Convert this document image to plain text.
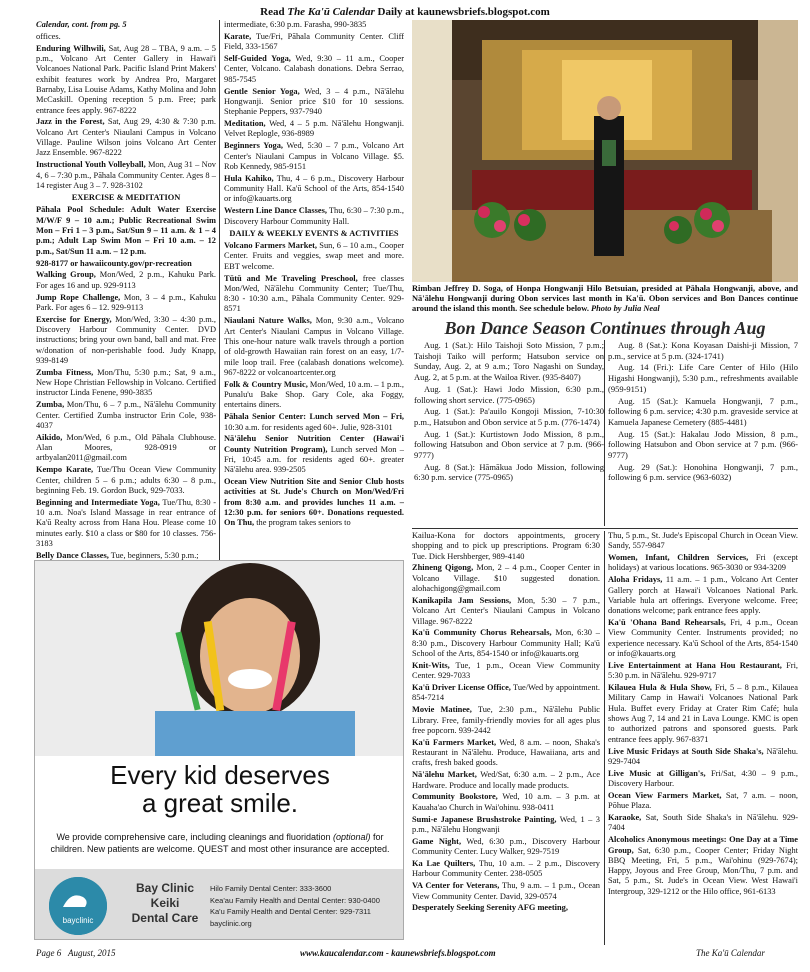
Read The Ka'ū Calendar Daily at kaunewsbriefs.blogspot.com

Calendar, cont. from pg. 5

offices.

Enduring Wilhwili, Sat, Aug 28 – TBA, 9 a.m. – 5 p.m., Volcano Art Center Gallery in Hawai'i Volcanoes National Park. Pacific Island Print Makers' exhibit features work by Andrea Pro, Margaret Barnaby, Lisa Louise Adams, Kathy Molina and John McCaskill. Opening reception 5 p.m. Free; park entrance fees apply. 967-8222

Jazz in the Forest, Sat, Aug 29, 4:30 & 7:30 p.m. Volcano Art Center's Niaulani Campus in Volcano Village. Pauline Wilson joins Volcano Art Center Jazz Ensemble. 967-8222

Instructional Youth Volleyball, Mon, Aug 31 – Nov 4, 6 – 7:30 p.m., Pāhala Community Center. Ages 8 – 14 register Aug 3 – 7. 928-3102

EXERCISE & MEDITATION

Pāhala Pool Schedule: Adult Water Exercise M/W/F 9 – 10 a.m.; Public Recreational Swim Mon – Fri 1 – 3 p.m., Sat/Sun 9 – 11 a.m. & 1 – 4 p.m.; Adult Lap Swim Mon – Fri 10 a.m. – 12 p.m., Sat/Sun 11 a.m. – 12 p.m.

928-8177 or hawaiicounty.gov/pr-recreation

Walking Group, Mon/Wed, 2 p.m., Kahuku Park. For ages 16 and up. 929-9113

Jump Rope Challenge, Mon, 3 – 4 p.m., Kahuku Park. For ages 6 – 12. 929-9113

Exercise for Energy, Mon/Wed, 3:30 – 4:30 p.m., Discovery Harbour Community Center. DVD instructions; bring your own band, ball and mat. Free w/donation of non-perishable food. Judy Knapp, 939-8149

Zumba Fitness, Mon/Thu, 5:30 p.m.; Sat, 9 a.m., New Hope Christian Fellowship in Volcano. Certified instructor Linda Fenene, 990-3835

Zumba, Mon/Thu, 6 – 7 p.m., Nā'ālehu Community Center. Certified Zumba instructor Erin Cole, 938-4037

Aikido, Mon/Wed, 6 p.m., Old Pāhala Clubhouse. Alan Moores, 928-0919 or artbyalan2011@gmail.com

Kempo Karate, Tue/Thu Ocean View Community Center, children 5 – 6 p.m.; adults 6:30 – 8 p.m., beginning Feb. 19. Gordon Buck, 929-7033.

Beginning and Intermediate Yoga, Tue/Thu, 8:30 - 10 a.m. Noa's Island Massage in rear entrance of Ka'ū Realty across from Hana Hou. Please come 10 minutes early. $10 a class or $80 for 10 classes. 756-3183

Belly Dance Classes, Tue, beginners, 5:30 p.m.;

intermediate, 6:30 p.m. Farasha, 990-3835

Karate, Tue/Fri, Pāhala Community Center. Cliff Field, 333-1567

Self-Guided Yoga, Wed, 9:30 – 11 a.m., Cooper Center, Volcano. Calabash donations. Debra Serrao, 985-7545

Gentle Senior Yoga, Wed, 3 – 4 p.m., Nā'ālehu Hongwanji. Senior price $10 for 10 sessions. Stephanie Peppers, 937-7940

Meditation, Wed, 4 – 5 p.m. Nā'ālehu Hongwanji. Velvet Replogle, 936-8989

Beginners Yoga, Wed, 5:30 – 7 p.m., Volcano Art Center's Niaulani Campus in Volcano Village. $5. Rob Kennedy, 985-9151

Hula Kahiko, Thu, 4 – 6 p.m., Discovery Harbour Community Hall. Ka'ū School of the Arts, 854-1540 or info@kauarts.org

Western Line Dance Classes, Thu, 6:30 – 7:30 p.m., Discovery Harbour Community Hall.

DAILY & WEEKLY EVENTS & ACTIVITIES

Volcano Farmers Market, Sun, 6 – 10 a.m., Cooper Center. Fruits and veggies, swap meet and more. EBT welcome.

Tūtū and Me Traveling Preschool, free classes Mon/Wed, Nā'ālehu Community Center; Tue/Thu, 8:30 - 10:30 a.m., Pāhala Community Center. 929-8571

Niaulani Nature Walks, Mon, 9:30 a.m., Volcano Art Center's Niaulani Campus in Volcano Village. This one-hour nature walk travels through a portion of old-growth Hawaiian rain forest on an easy, 1/7-mile loop trail. Free (calabash donations welcome). 967-8222 or volcanoartcenter.org

Folk & Country Music, Mon/Wed, 10 a.m. – 1 p.m., Punalu'u Bake Shop. Gary Cole, aka Foggy, entertains diners.

Pāhala Senior Center: Lunch served Mon – Fri, 10:30 a.m. for residents aged 60+. Julie, 928-3101

Nā'ālehu Senior Nutrition Center (Hawai'i County Nutrition Program), Lunch served Mon – Fri, 10:45 a.m. for residents aged 60+. greater Nā'ālehu area. 939-2505

Ocean View Nutrition Site and Senior Club hosts activities at St. Jude's Church on Mon/Wed/Fri from 8:30 a.m. and provides lunches 11 a.m. – 12:30 p.m. for seniors 60+. Donations requested. On Thu, the program takes seniors to

Rimban Jeffrey D. Soga, of Honpa Hongwanji Hilo Betsuian, presided at Pāhala Hongwanji, above, and Nā'ālehu Hongwanji during Obon services last month in Ka'ū. Obon services and Bon Dances continue around the island this month. See schedule below. Photo by Julia Neal
Bon Dance Season Continues through Aug

Aug. 1 (Sat.): Hilo Taishoji Soto Mission, 7 p.m.; Taishoji Taiko will perform; Hatsubon service on Sunday, Aug. 2, at 9 a.m.; Toro Nagashi on Sunday, Aug. 2, at 5 p.m. at the Wailoa River. (935-8407)

Aug. 1 (Sat.): Hawi Jodo Mission, 6:30 p.m., following short service. (775-0965)

Aug. 1 (Sat.): Pa'auilo Kongoji Mission, 7-10:30 p.m., Hatsubon and Obon service at 5 p.m. (776-1474)

Aug. 1 (Sat.): Kurtistown Jodo Mission, 8 p.m., following Hatsubon and Obon service at 7 p.m. (966-9777)

Aug. 8 (Sat.): Hāmākua Jodo Mission, following 6:30 p.m. service (775-0965)

Aug. 8 (Sat.): Kona Koyasan Daishi-ji Mission, 7 p.m., service at 5 p.m. (324-1741)

Aug. 14 (Fri.): Life Care Center of Hilo (Hilo Higashi Hongwanji), 5:30 p.m., refreshments available (959-9151)

Aug. 15 (Sat.): Kamuela Hongwanji, 7 p.m., following 6 p.m. service; 4:30 p.m. graveside service at Kamuela Japanese Cemetery (885-4481)

Aug. 15 (Sat.): Hakalau Jodo Mission, 8 p.m., following Hatsubon and Obon service at 7 p.m. (966-9777)

Aug. 29 (Sat.): Honohina Hongwanji, 7 p.m., following 6 p.m. service (963-6032)

Kailua-Kona for doctors appointments, grocery shopping and to pick up prescriptions. Program 6:30 Tue. Dick Hershberger, 989-4140

Zhineng Qigong, Mon, 2 – 4 p.m., Cooper Center in Volcano Village. $10 suggested donation. alohachigong@gmail.com

Kanikapila Jam Sessions, Mon, 5:30 – 7 p.m., Volcano Art Center's Niaulani Campus in Volcano Village. 967-8222

Ka'ū Community Chorus Rehearsals, Mon, 6:30 – 8:30 p.m., Discovery Harbour Community Hall; Ka'ū School of the Arts, 854-1540 or info@kauarts.org

Knit-Wits, Tue, 1 p.m., Ocean View Community Center. 929-7033

Ka'ū Driver License Office, Tue/Wed by appointment. 854-7214

Movie Matinee, Tue, 2:30 p.m., Nā'ālehu Public Library. Free, family-friendly movies for all ages plus free popcorn. 939-2442

Ka'ū Farmers Market, Wed, 8 a.m. – noon, Shaka's Restaurant in Nā'ālehu. Produce, Hawaiiana, arts and crafts, fresh baked goods.

Nā'ālehu Market, Wed/Sat, 6:30 a.m. – 2 p.m., Ace Hardware. Produce and locally made products.

Community Bookstore, Wed, 10 a.m. – 3 p.m. at Kauaha'ao Church in Wai'ohinu. 938-0411

Sumi-e Japanese Brushstroke Painting, Wed, 1 – 3 p.m., Nā'ālehu Hongwanji

Game Night, Wed, 6:30 p.m., Discovery Harbour Community Center. Lucy Walker, 929-7519

Ka Lae Quilters, Thu, 10 a.m. – 2 p.m., Discovery Harbour Community Center. 238-0505

VA Center for Veterans, Thu, 9 a.m. – 1 p.m., Ocean View Community Center. David, 329-0574

Desperately Seeking Serenity AFG meeting,

Thu, 5 p.m., St. Jude's Episcopal Church in Ocean View. Sandy, 557-9847

Women, Infant, Children Services, Fri (except holidays) at various locations. 965-3030 or 934-3209

Aloha Fridays, 11 a.m. – 1 p.m., Volcano Art Center Gallery porch at Hawai'i Volcanoes National Park. Variable hula art offerings. Everyone welcome. Free; donations welcome; park entrance fees apply.

Ka'ū 'Ohana Band Rehearsals, Fri, 4 p.m., Ocean View Community Center. Instruments provided; no experience necessary. Ka'ū School of the Arts, 854-1540 or info@kauarts.org

Live Entertainment at Hana Hou Restaurant, Fri, 5:30 p.m. in Nā'ālehu. 929-9717

Kilauea Hula & Hula Show, Fri, 5 – 8 p.m., Kilauea Military Camp in Hawai'i Volcanoes National Park Hula. Buffet every Friday at Crater Rim Café; hula shows Aug 7, 14 and 21 in Lava Lounge. KMC is open to authorized patrons and sponsored guests. Park entrance fees apply. 967-8371

Live Music Fridays at South Side Shaka's, Nā'ālehu. 929-7404

Live Music at Gilligan's, Fri/Sat, 4:30 – 9 p.m., Discovery Harbour.

Ocean View Farmers Market, Sat, 7 a.m. – noon, Pōhue Plaza.

Karaoke, Sat, South Side Shaka's in Nā'ālehu. 929-7404

Alcoholics Anonymous meetings: One Day at a Time Group, Sat, 6:30 p.m., Cooper Center; Friday Night BBQ Meeting, Fri, 5 p.m., Wai'ohinu (929-7674); Happy, Joyous and Free Group, Mon/Thu, 7 p.m. and Sat, 5 p.m., St. Jude's in Ocean View. West Hawai'i Intergroup, 329-1212 or the Hilo office, 961-6133

Every kid deserves
a great smile.
We provide comprehensive care, including cleanings and fluoridation (optional) for children. New patients are welcome. QUEST and most other insurance are accepted.
bayclinic
Bay Clinic
Keiki
Dental Care
Hilo Family Dental Center: 333-3600
Kea'au Family Health and Dental Center: 930-0400
Ka'u Family Health and Dental Center: 929-7311
bayclinic.org
Page 6 August, 2015	www.kaucalendar.com - kaunewsbriefs.blogspot.com	The Ka'ū Calendar
